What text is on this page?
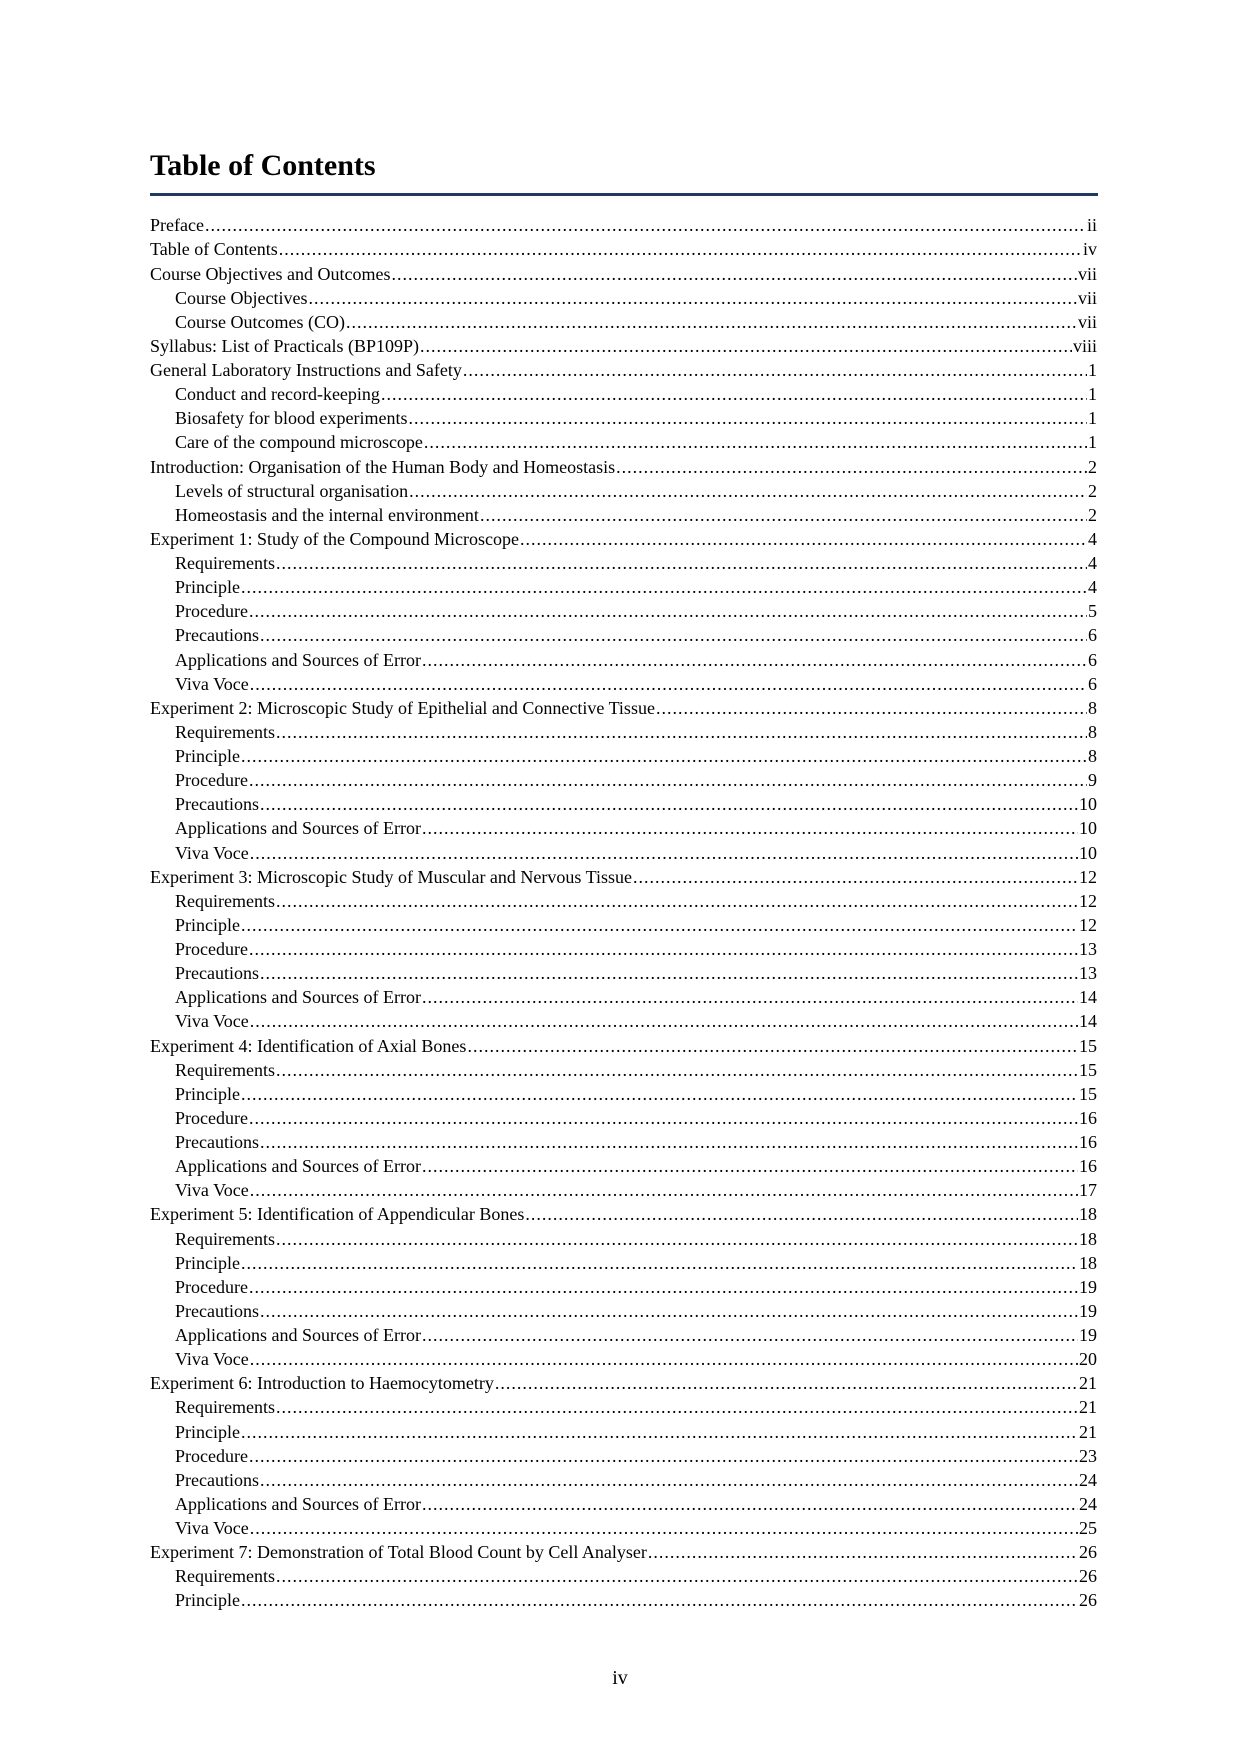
Table of Contents
Preface .....	ii
Table of Contents .....	iv
Course Objectives and Outcomes .....	vii
Course Objectives .....	vii
Course Outcomes (CO) .....	vii
Syllabus: List of Practicals (BP109P) .....	viii
General Laboratory Instructions and Safety .....	1
Conduct and record-keeping .....	1
Biosafety for blood experiments .....	1
Care of the compound microscope .....	1
Introduction: Organisation of the Human Body and Homeostasis .....	2
Levels of structural organisation .....	2
Homeostasis and the internal environment .....	2
Experiment 1: Study of the Compound Microscope .....	4
Requirements .....	4
Principle .....	4
Procedure .....	5
Precautions .....	6
Applications and Sources of Error .....	6
Viva Voce .....	6
Experiment 2: Microscopic Study of Epithelial and Connective Tissue .....	8
Requirements .....	8
Principle .....	8
Procedure .....	9
Precautions .....	10
Applications and Sources of Error .....	10
Viva Voce .....	10
Experiment 3: Microscopic Study of Muscular and Nervous Tissue .....	12
Requirements .....	12
Principle .....	12
Procedure .....	13
Precautions .....	13
Applications and Sources of Error .....	14
Viva Voce .....	14
Experiment 4: Identification of Axial Bones .....	15
Requirements .....	15
Principle .....	15
Procedure .....	16
Precautions .....	16
Applications and Sources of Error .....	16
Viva Voce .....	17
Experiment 5: Identification of Appendicular Bones .....	18
Requirements .....	18
Principle .....	18
Procedure .....	19
Precautions .....	19
Applications and Sources of Error .....	19
Viva Voce .....	20
Experiment 6: Introduction to Haemocytometry .....	21
Requirements .....	21
Principle .....	21
Procedure .....	23
Precautions .....	24
Applications and Sources of Error .....	24
Viva Voce .....	25
Experiment 7: Demonstration of Total Blood Count by Cell Analyser .....	26
Requirements .....	26
Principle .....	26
iv
